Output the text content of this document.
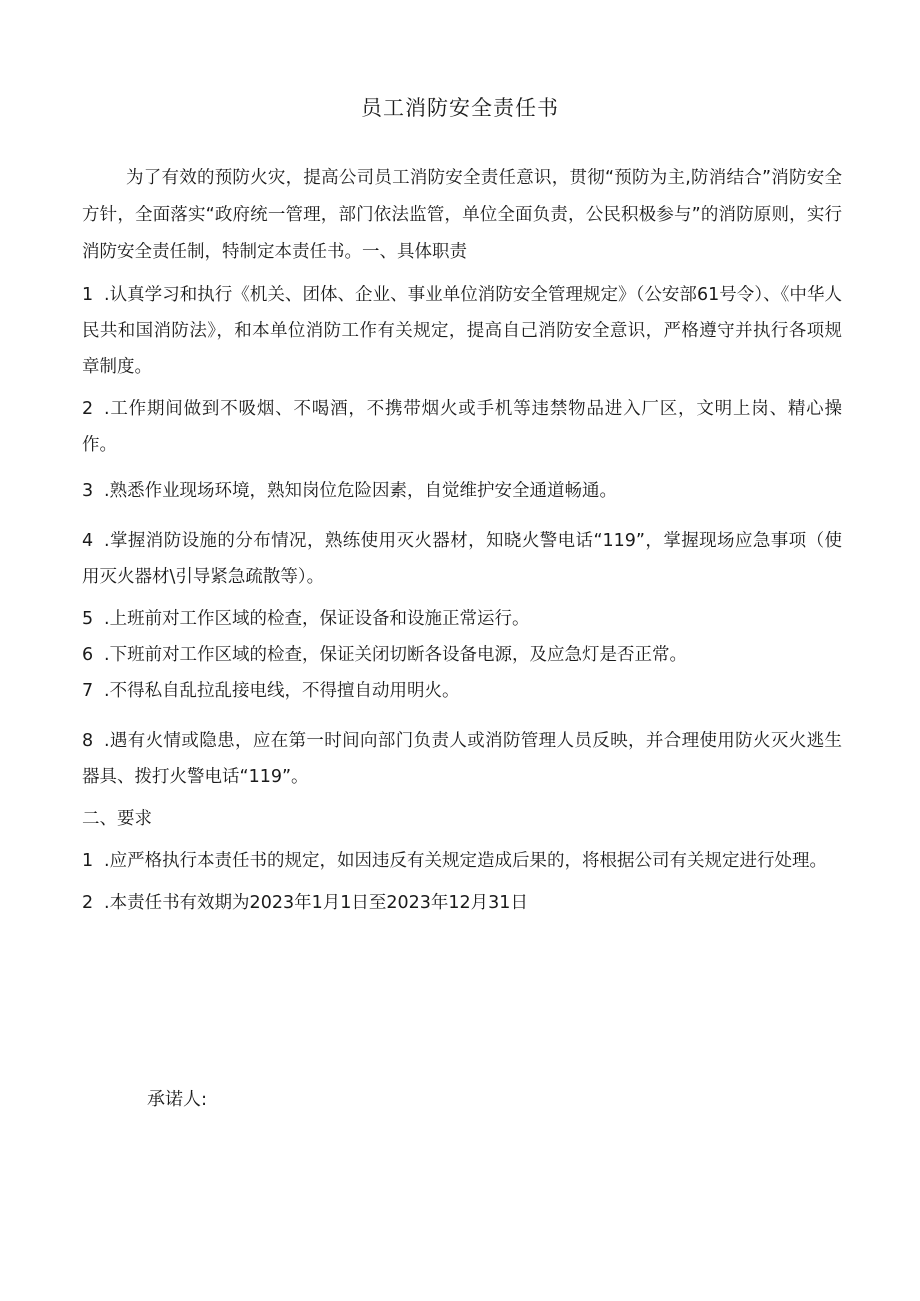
员工消防安全责任书

为了有效的预防火灾，提高公司员工消防安全责任意识，贯彻“预防为主,防消结合”消防安全方针，全面落实“政府统一管理，部门依法监管，单位全面负责，公民积极参与”的消防原则，实行消防安全责任制，特制定本责任书。一、具体职责

1 .认真学习和执行《机关、团体、企业、事业单位消防安全管理规定》（公安部61号令）、《中华人民共和国消防法》，和本单位消防工作有关规定，提高自己消防安全意识，严格遵守并执行各项规章制度。

2 .工作期间做到不吸烟、不喝酒，不携带烟火或手机等违禁物品进入厂区，文明上岗、精心操作。

3 .熟悉作业现场环境，熟知岗位危险因素，自觉维护安全通道畅通。

4 .掌握消防设施的分布情况，熟练使用灭火器材，知晓火警电话“119”，掌握现场应急事项（使用灭火器材\引导紧急疏散等）。

5 .上班前对工作区域的检查，保证设备和设施正常运行。

6 .下班前对工作区域的检查，保证关闭切断各设备电源，及应急灯是否正常。

7 .不得私自乱拉乱接电线，不得擅自动用明火。

8 .遇有火情或隐患，应在第一时间向部门负责人或消防管理人员反映，并合理使用防火灭火逃生器具、拨打火警电话“119”。

二、要求

1 .应严格执行本责任书的规定，如因违反有关规定造成后果的，将根据公司有关规定进行处理。

2 .本责任书有效期为2023年1月1日至2023年12月31日

承诺人:
